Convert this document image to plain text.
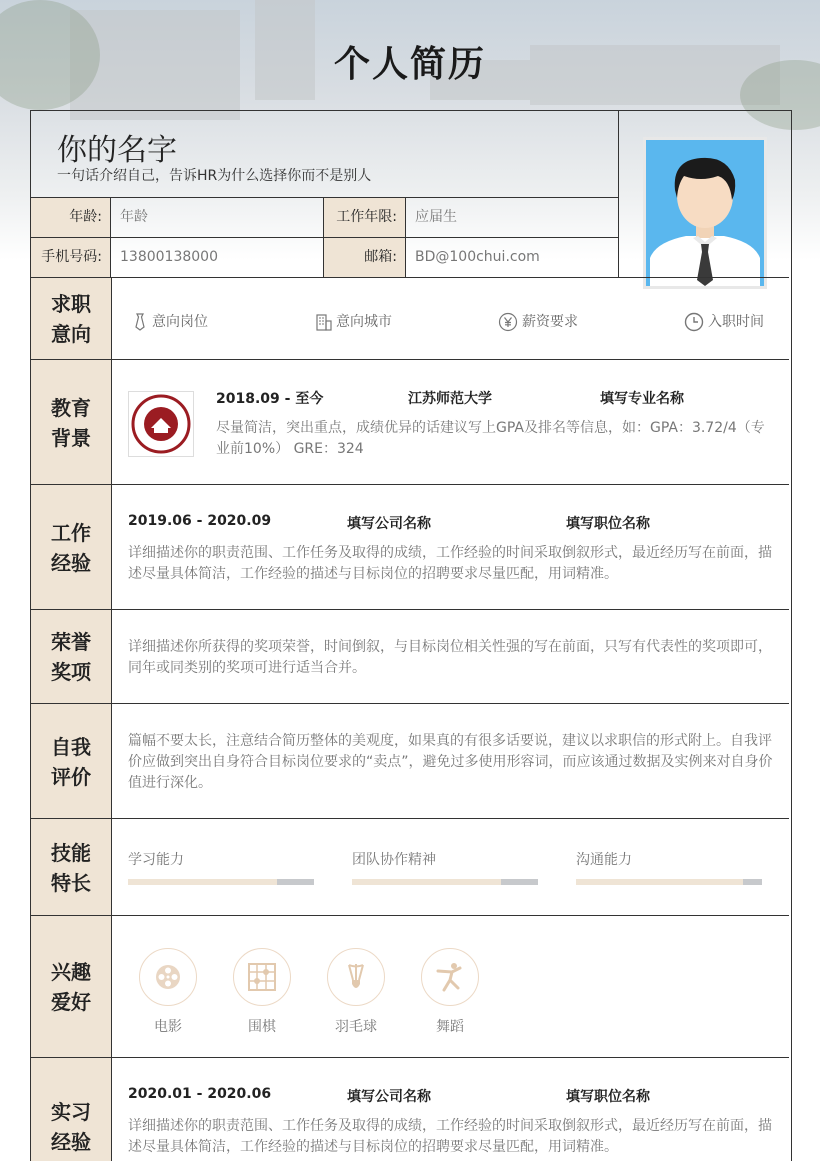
个人简历
你的名字
一句话介绍自己，告诉HR为什么选择你而不是别人
年龄:	年龄	工作年限:	应届生
手机号码:	13800138000	邮箱:	BD@100chui.com
求职意向	意向岗位	意向城市	薪资要求	入职时间
教育背景
2018.09 - 至今	江苏师范大学	填写专业名称
尽量简洁，突出重点，成绩优异的话建议写上GPA及排名等信息，如：GPA：3.72/4（专业前10%） GRE：324
工作经验
2019.06 - 2020.09	填写公司名称	填写职位名称
详细描述你的职责范围、工作任务及取得的成绩，工作经验的时间采取倒叙形式，最近经历写在前面，描述尽量具体简洁，工作经验的描述与目标岗位的招聘要求尽量匹配，用词精准。
荣誉奖项
详细描述你所获得的奖项荣誉，时间倒叙，与目标岗位相关性强的写在前面，只写有代表性的奖项即可，同年或同类别的奖项可进行适当合并。
自我评价
篇幅不要太长，注意结合简历整体的美观度，如果真的有很多话要说，建议以求职信的形式附上。自我评价应做到突出自身符合目标岗位要求的“卖点”，避免过多使用形容词，而应该通过数据及实例来对自身价值进行深化。
技能特长
学习能力	团队协作精神	沟通能力
兴趣爱好
电影	围棋	羽毛球	舞蹈
实习经验
2020.01 - 2020.06	填写公司名称	填写职位名称
详细描述你的职责范围、工作任务及取得的成绩，工作经验的时间采取倒叙形式，最近经历写在前面，描述尽量具体简洁，工作经验的描述与目标岗位的招聘要求尽量匹配，用词精准。
